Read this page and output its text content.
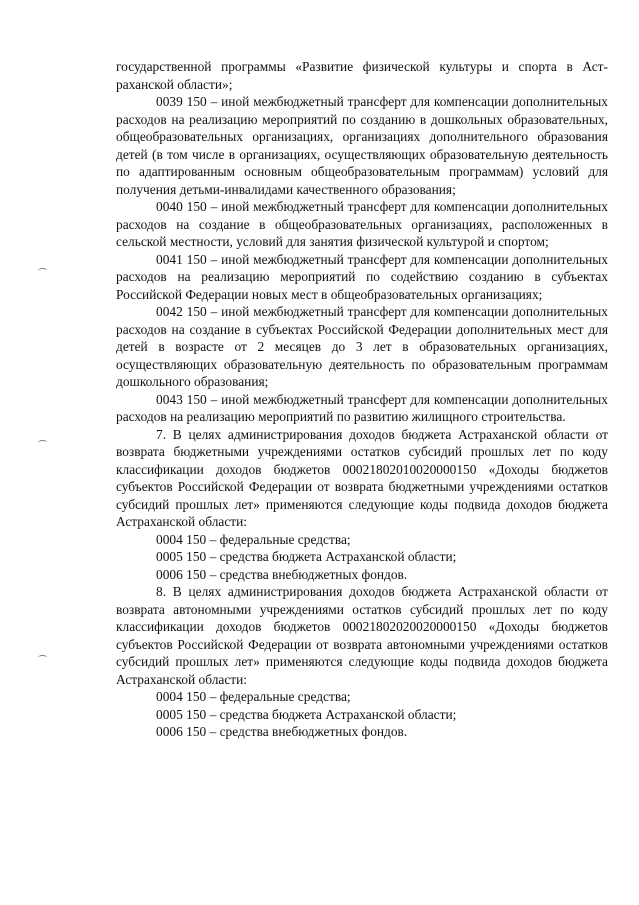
государственной программы «Развитие физической культуры и спорта в Астраханской области»;

0039 150 – иной межбюджетный трансферт для компенсации дополнительных расходов на реализацию мероприятий по созданию в дошкольных образовательных, общеобразовательных организациях, организациях дополнительного образования детей (в том числе в организациях, осуществляющих образовательную деятельность по адаптированным основным общеобразовательным программам) условий для получения детьми-инвалидами качественного образования;

0040 150 – иной межбюджетный трансферт для компенсации дополнительных расходов на создание в общеобразовательных организациях, расположенных в сельской местности, условий для занятия физической культурой и спортом;

0041 150 – иной межбюджетный трансферт для компенсации дополнительных расходов на реализацию мероприятий по содействию созданию в субъектах Российской Федерации новых мест в общеобразовательных организациях;

0042 150 – иной межбюджетный трансферт для компенсации дополнительных расходов на создание в субъектах Российской Федерации дополнительных мест для детей в возрасте от 2 месяцев до 3 лет в образовательных организациях, осуществляющих образовательную деятельность по образовательным программам дошкольного образования;

0043 150 – иной межбюджетный трансферт для компенсации дополнительных расходов на реализацию мероприятий по развитию жилищного строительства.

7. В целях администрирования доходов бюджета Астраханской области от возврата бюджетными учреждениями остатков субсидий прошлых лет по коду классификации доходов бюджетов 00021802010020000150 «Доходы бюджетов субъектов Российской Федерации от возврата бюджетными учреждениями остатков субсидий прошлых лет» применяются следующие коды подвида доходов бюджета Астраханской области:

0004 150 – федеральные средства;

0005 150 – средства бюджета Астраханской области;

0006 150 – средства внебюджетных фондов.

8. В целях администрирования доходов бюджета Астраханской области от возврата автономными учреждениями остатков субсидий прошлых лет по коду классификации доходов бюджетов 00021802020020000150 «Доходы бюджетов субъектов Российской Федерации от возврата автономными учреждениями остатков субсидий прошлых лет» применяются следующие коды подвида доходов бюджета Астраханской области:

0004 150 – федеральные средства;

0005 150 – средства бюджета Астраханской области;

0006 150 – средства внебюджетных фондов.
